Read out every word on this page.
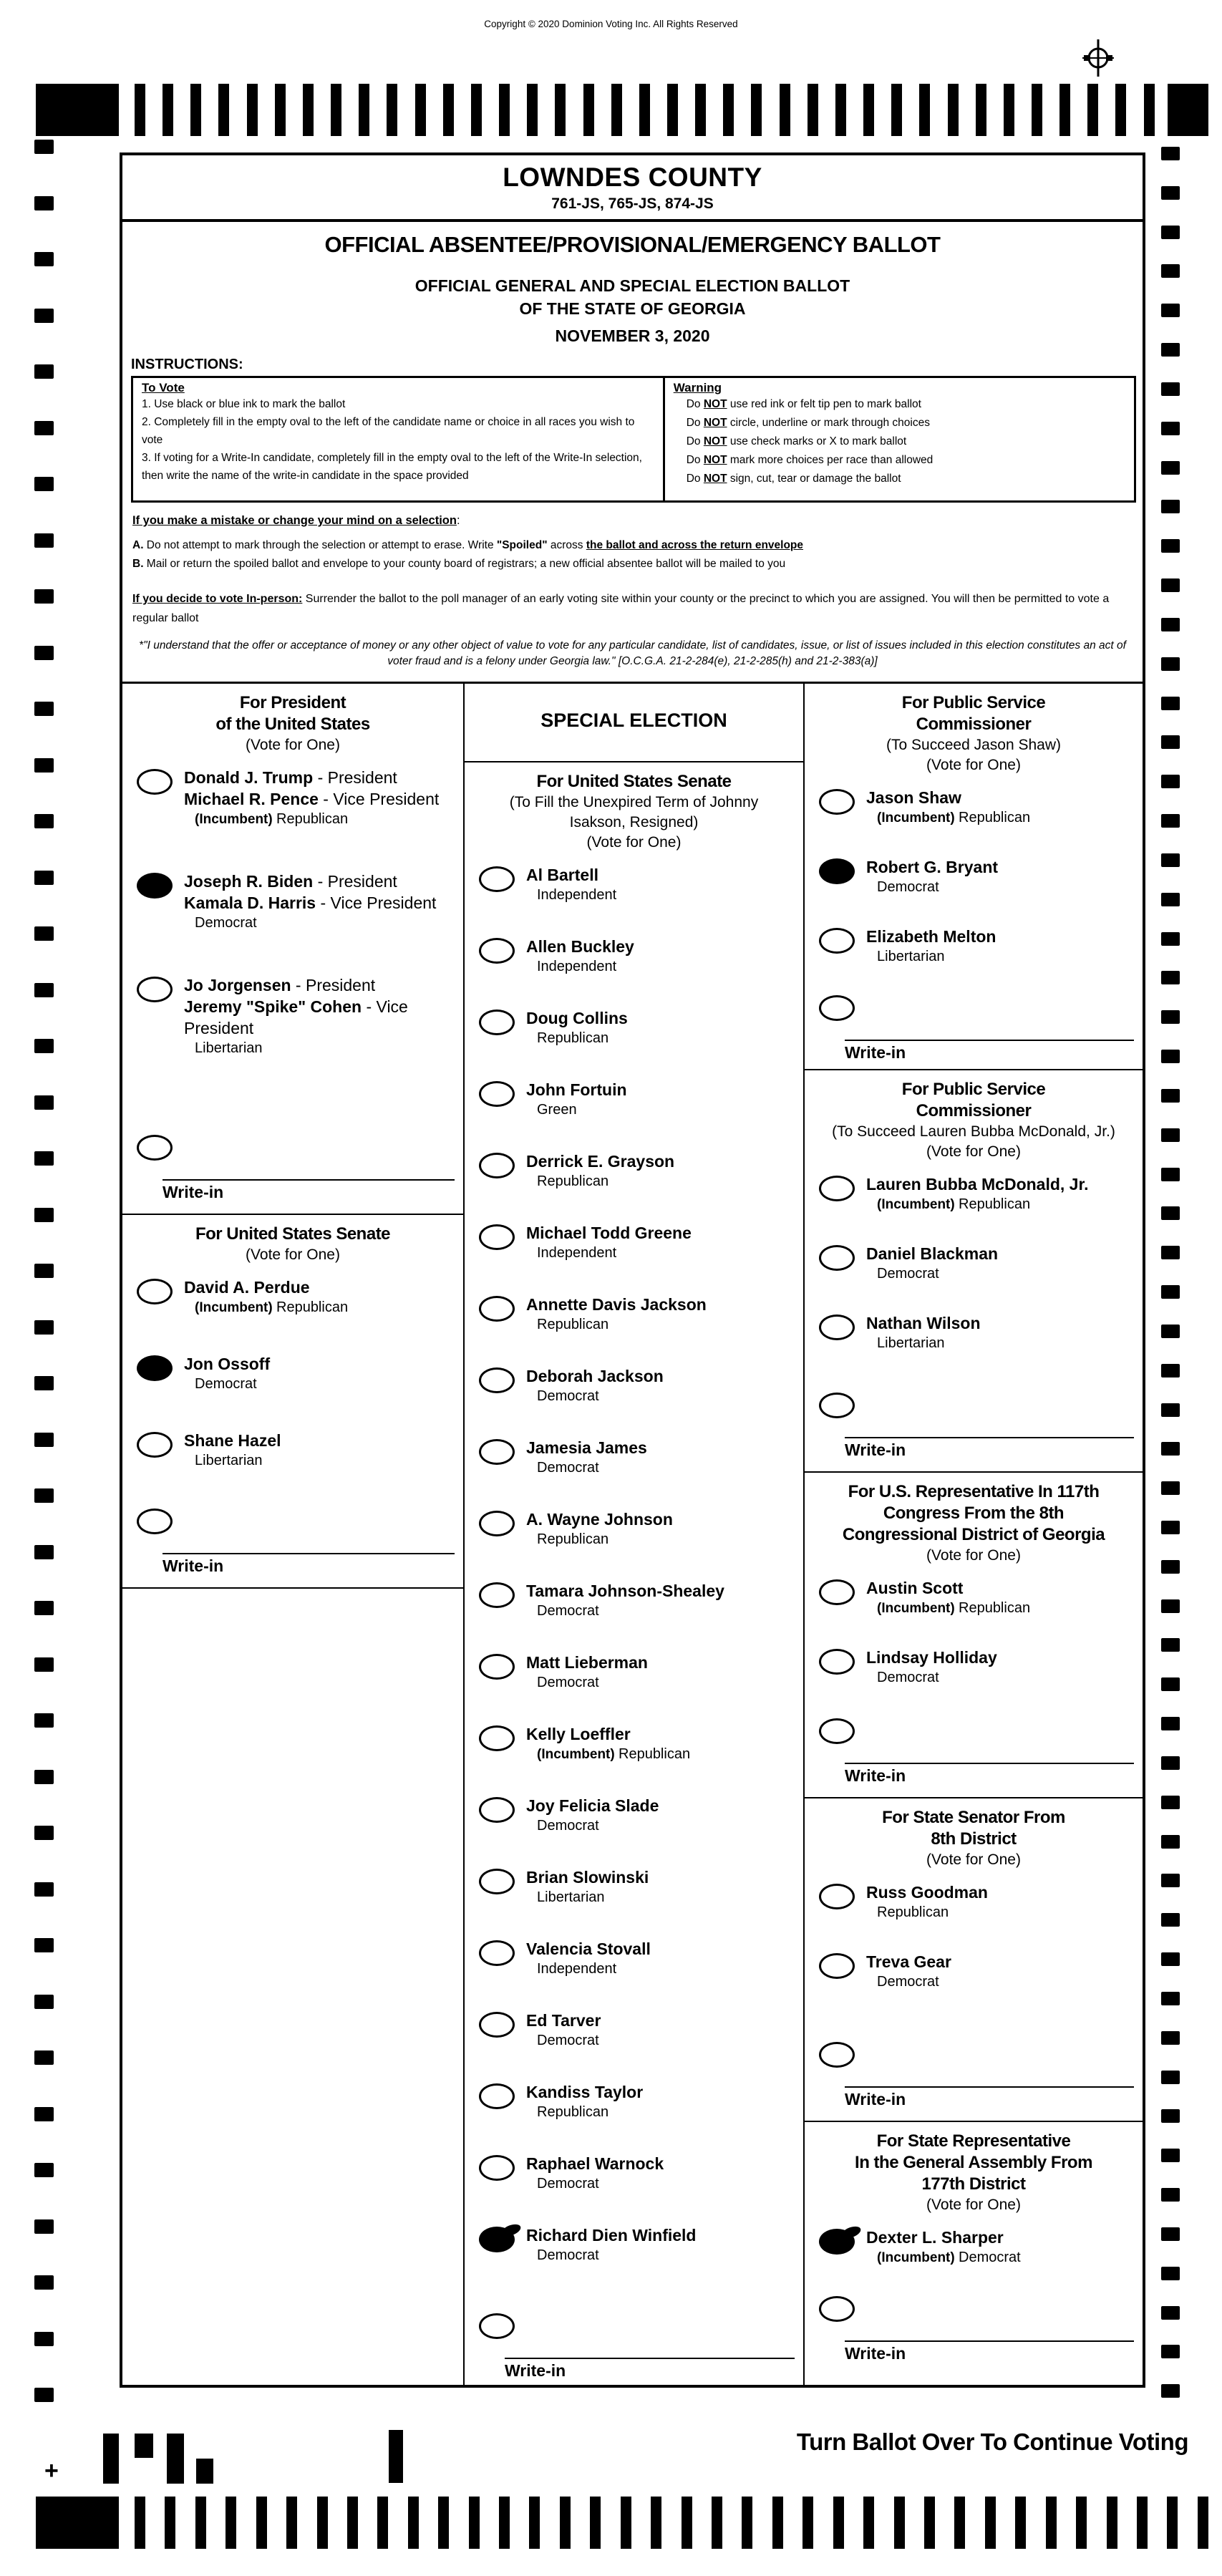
Copyright © 2020 Dominion Voting Inc. All Rights Reserved
LOWNDES COUNTY
761-JS, 765-JS, 874-JS
OFFICIAL ABSENTEE/PROVISIONAL/EMERGENCY BALLOT
OFFICIAL GENERAL AND SPECIAL ELECTION BALLOT
OF THE STATE OF GEORGIA
NOVEMBER 3, 2020
INSTRUCTIONS:
To Vote
1. Use black or blue ink to mark the ballot
2. Completely fill in the empty oval to the left of the candidate name or choice in all races you wish to vote
3. If voting for a Write-In candidate, completely fill in the empty oval to the left of the Write-In selection, then write the name of the write-in candidate in the space provided
Warning
Do NOT use red ink or felt tip pen to mark ballot
Do NOT circle, underline or mark through choices
Do NOT use check marks or X to mark ballot
Do NOT mark more choices per race than allowed
Do NOT sign, cut, tear or damage the ballot
If you make a mistake or change your mind on a selection:
A. Do not attempt to mark through the selection or attempt to erase. Write "Spoiled" across the ballot and across the return envelope
B. Mail or return the spoiled ballot and envelope to your county board of registrars; a new official absentee ballot will be mailed to you
If you decide to vote In-person: Surrender the ballot to the poll manager of an early voting site within your county or the precinct to which you are assigned. You will then be permitted to vote a regular ballot
*"I understand that the offer or acceptance of money or any other object of value to vote for any particular candidate, list of candidates, issue, or list of issues included in this election constitutes an act of voter fraud and is a felony under Georgia law." [O.C.G.A. 21-2-284(e), 21-2-285(h) and 21-2-383(a)]
For President
of the United States
(Vote for One)
Donald J. Trump - President
Michael R. Pence - Vice President
(Incumbent) Republican
Joseph R. Biden - President
Kamala D. Harris - Vice President
Democrat
Jo Jorgensen - President
Jeremy "Spike" Cohen - Vice President
Libertarian
Write-in
For United States Senate
(Vote for One)
David A. Perdue
(Incumbent) Republican
Jon Ossoff
Democrat
Shane Hazel
Libertarian
Write-in
SPECIAL ELECTION
For United States Senate
(To Fill the Unexpired Term of Johnny
Isakson, Resigned)
(Vote for One)
Al Bartell
Independent
Allen Buckley
Independent
Doug Collins
Republican
John Fortuin
Green
Derrick E. Grayson
Republican
Michael Todd Greene
Independent
Annette Davis Jackson
Republican
Deborah Jackson
Democrat
Jamesia James
Democrat
A. Wayne Johnson
Republican
Tamara Johnson-Shealey
Democrat
Matt Lieberman
Democrat
Kelly Loeffler
(Incumbent) Republican
Joy Felicia Slade
Democrat
Brian Slowinski
Libertarian
Valencia Stovall
Independent
Ed Tarver
Democrat
Kandiss Taylor
Republican
Raphael Warnock
Democrat
Richard Dien Winfield
Democrat
Write-in
For Public Service
Commissioner
(To Succeed Jason Shaw)
(Vote for One)
Jason Shaw
(Incumbent) Republican
Robert G. Bryant
Democrat
Elizabeth Melton
Libertarian
Write-in
For Public Service
Commissioner
(To Succeed Lauren Bubba McDonald, Jr.)
(Vote for One)
Lauren Bubba McDonald, Jr.
(Incumbent) Republican
Daniel Blackman
Democrat
Nathan Wilson
Libertarian
Write-in
For U.S. Representative In 117th
Congress From the 8th
Congressional District of Georgia
(Vote for One)
Austin Scott
(Incumbent) Republican
Lindsay Holliday
Democrat
Write-in
For State Senator From
8th District
(Vote for One)
Russ Goodman
Republican
Treva Gear
Democrat
Write-in
For State Representative
In the General Assembly From
177th District
(Vote for One)
Dexter L. Sharper
(Incumbent) Democrat
Write-in
+
45	Turn Ballot Over To Continue Voting
